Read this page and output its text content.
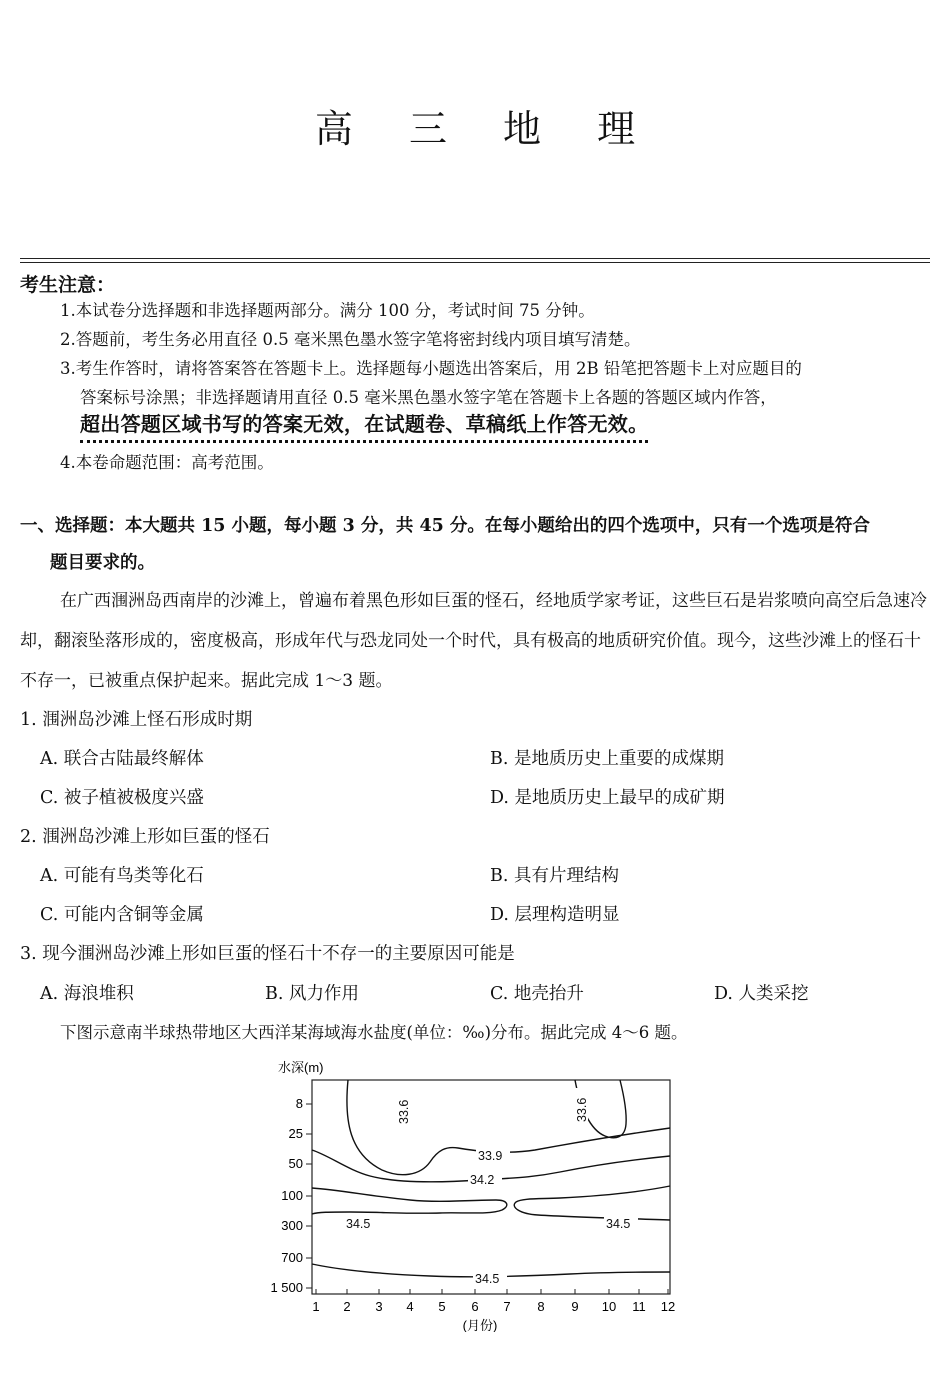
高 三 地 理
考生注意：
1.本试卷分选择题和非选择题两部分。满分 100 分，考试时间 75 分钟。
2.答题前，考生务必用直径 0.5 毫米黑色墨水签字笔将密封线内项目填写清楚。
3.考生作答时，请将答案答在答题卡上。选择题每小题选出答案后，用 2B 铅笔把答题卡上对应题目的
答案标号涂黑；非选择题请用直径 0.5 毫米黑色墨水签字笔在答题卡上各题的答题区域内作答，
超出答题区域书写的答案无效，在试题卷、草稿纸上作答无效。
4.本卷命题范围：高考范围。
一、选择题：本大题共 15 小题，每小题 3 分，共 45 分。在每小题给出的四个选项中，只有一个选项是符合
题目要求的。
在广西涠洲岛西南岸的沙滩上，曾遍布着黑色形如巨蛋的怪石，经地质学家考证，这些巨石是岩浆喷向高空后急速冷却，翻滚坠落形成的，密度极高，形成年代与恐龙同处一个时代，具有极高的地质研究价值。现今，这些沙滩上的怪石十不存一，已被重点保护起来。据此完成 1～3 题。
1. 涠洲岛沙滩上怪石形成时期
A. 联合古陆最终解体	B. 是地质历史上重要的成煤期
C. 被子植被极度兴盛	D. 是地质历史上最早的成矿期
2. 涠洲岛沙滩上形如巨蛋的怪石
A. 可能有鸟类等化石	B. 具有片理结构
C. 可能内含铜等金属	D. 层理构造明显
3. 现今涠洲岛沙滩上形如巨蛋的怪石十不存一的主要原因可能是
A. 海浪堆积	B. 风力作用	C. 地壳抬升	D. 人类采挖
下图示意南半球热带地区大西洋某海域海水盐度(单位：‰)分布。据此完成 4～6 题。
水深(m)
8
25
50
100
300
700
1 500
1 2 3 4 5 6 7 8 9 10 11 12
(月份)
33.6	33.6
33.9
34.2
34.5	34.5
34.5
